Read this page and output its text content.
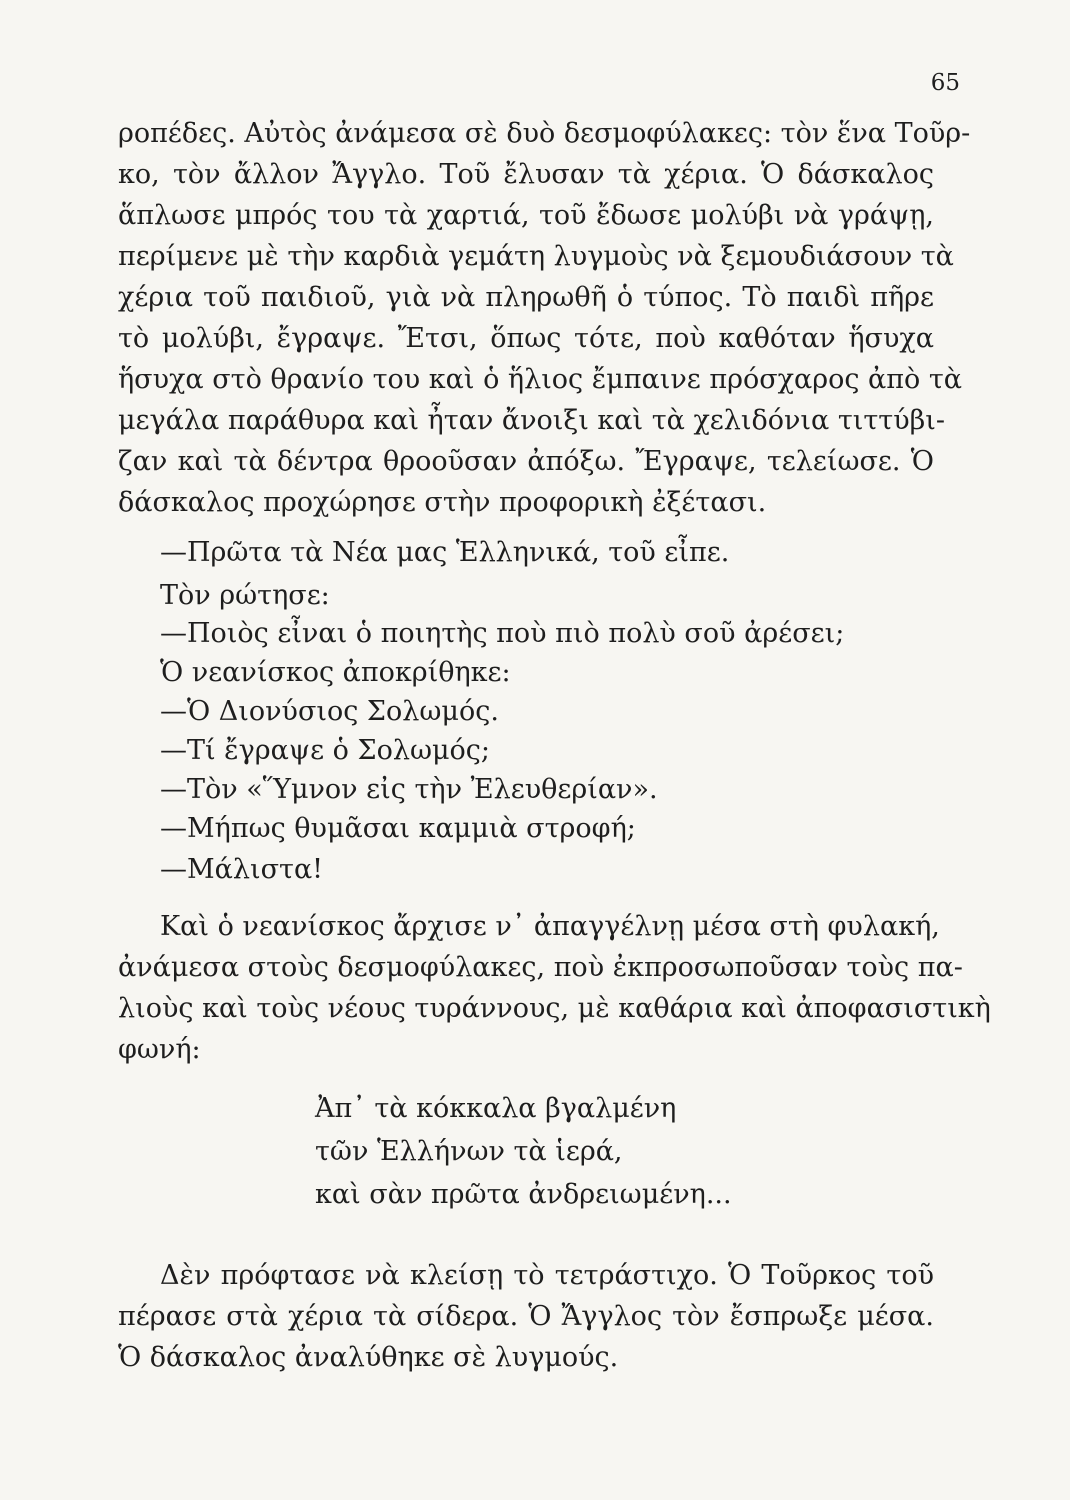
65
ροπέδες. Αὐτὸς ἀνάμεσα σὲ δυὸ δεσμοφύλακες: τὸν ἕνα Τοῦρ-
κο, τὸν ἄλλον Ἄγγλο. Τοῦ ἔλυσαν τὰ χέρια. Ὁ δάσκαλος
ἅπλωσε μπρός του τὰ χαρτιά, τοῦ ἔδωσε μολύβι νὰ γράψῃ,
περίμενε μὲ τὴν καρδιὰ γεμάτη λυγμοὺς νὰ ξεμουδιάσουν τὰ
χέρια τοῦ παιδιοῦ, γιὰ νὰ πληρωθῆ ὁ τύπος. Τὸ παιδὶ πῆρε
τὸ μολύβι, ἔγραψε. Ἔτσι, ὅπως τότε, ποὺ καθόταν ἥσυχα
ἥσυχα στὸ θρανίο του καὶ ὁ ἥλιος ἔμπαινε πρόσχαρος ἀπὸ τὰ
μεγάλα παράθυρα καὶ ἦταν ἄνοιξι καὶ τὰ χελιδόνια τιττύβι-
ζαν καὶ τὰ δέντρα θροοῦσαν ἀπόξω. Ἔγραψε, τελείωσε. Ὁ
δάσκαλος προχώρησε στὴν προφορικὴ ἐξέτασι.
—Πρῶτα τὰ Νέα μας Ἑλληνικά, τοῦ εἶπε.
Τὸν ρώτησε:
—Ποιὸς εἶναι ὁ ποιητὴς ποὺ πιὸ πολὺ σοῦ ἀρέσει;
Ὁ νεανίσκος ἀποκρίθηκε:
—Ὁ Διονύσιος Σολωμός.
—Τί ἔγραψε ὁ Σολωμός;
—Τὸν «Ὕμνον εἰς τὴν Ἐλευθερίαν».
—Μήπως θυμᾶσαι καμμιὰ στροφή;
—Μάλιστα!
Καὶ ὁ νεανίσκος ἄρχισε ν᾽ ἀπαγγέλνῃ μέσα στὴ φυλακή,
ἀνάμεσα στοὺς δεσμοφύλακες, ποὺ ἐκπροσωποῦσαν τοὺς πα-
λιοὺς καὶ τοὺς νέους τυράννους, μὲ καθάρια καὶ ἀποφασιστικὴ
φωνή:
Ἀπ᾽ τὰ κόκκαλα βγαλμένη
τῶν Ἑλλήνων τὰ ἱερά,
καὶ σὰν πρῶτα ἀνδρειωμένη...
Δὲν πρόφτασε νὰ κλείσῃ τὸ τετράστιχο. Ὁ Τοῦρκος τοῦ
πέρασε στὰ χέρια τὰ σίδερα. Ὁ Ἄγγλος τὸν ἔσπρωξε μέσα.
Ὁ δάσκαλος ἀναλύθηκε σὲ λυγμούς.
